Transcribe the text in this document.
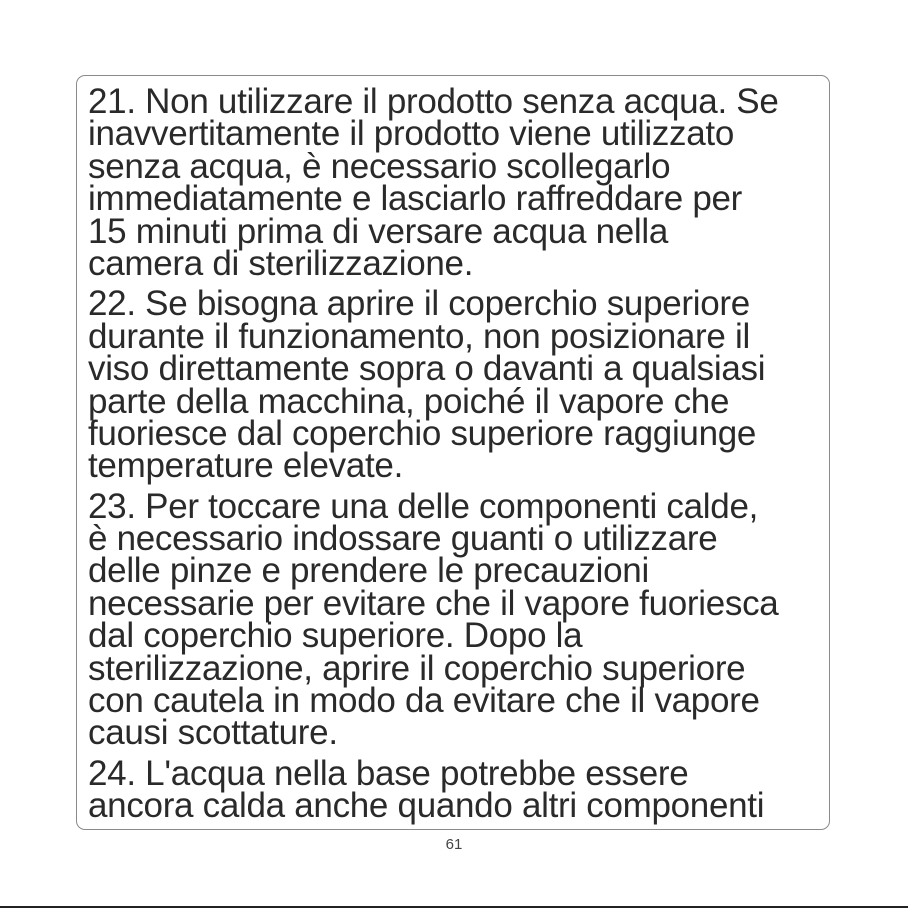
21. Non utilizzare il prodotto senza acqua. Se
inavvertitamente il prodotto viene utilizzato
senza acqua, è necessario scollegarlo
immediatamente e lasciarlo raffreddare per
15 minuti prima di versare acqua nella
camera di sterilizzazione.
22. Se bisogna aprire il coperchio superiore
durante il funzionamento, non posizionare il
viso direttamente sopra o davanti a qualsiasi
parte della macchina, poiché il vapore che
fuoriesce dal coperchio superiore raggiunge
temperature elevate.
23. Per toccare una delle componenti calde,
è necessario indossare guanti o utilizzare
delle pinze e prendere le precauzioni
necessarie per evitare che il vapore fuoriesca
dal coperchio superiore. Dopo la
sterilizzazione, aprire il coperchio superiore
con cautela in modo da evitare che il vapore
causi scottature.
24. L'acqua nella base potrebbe essere
ancora calda anche quando altri componenti
61
